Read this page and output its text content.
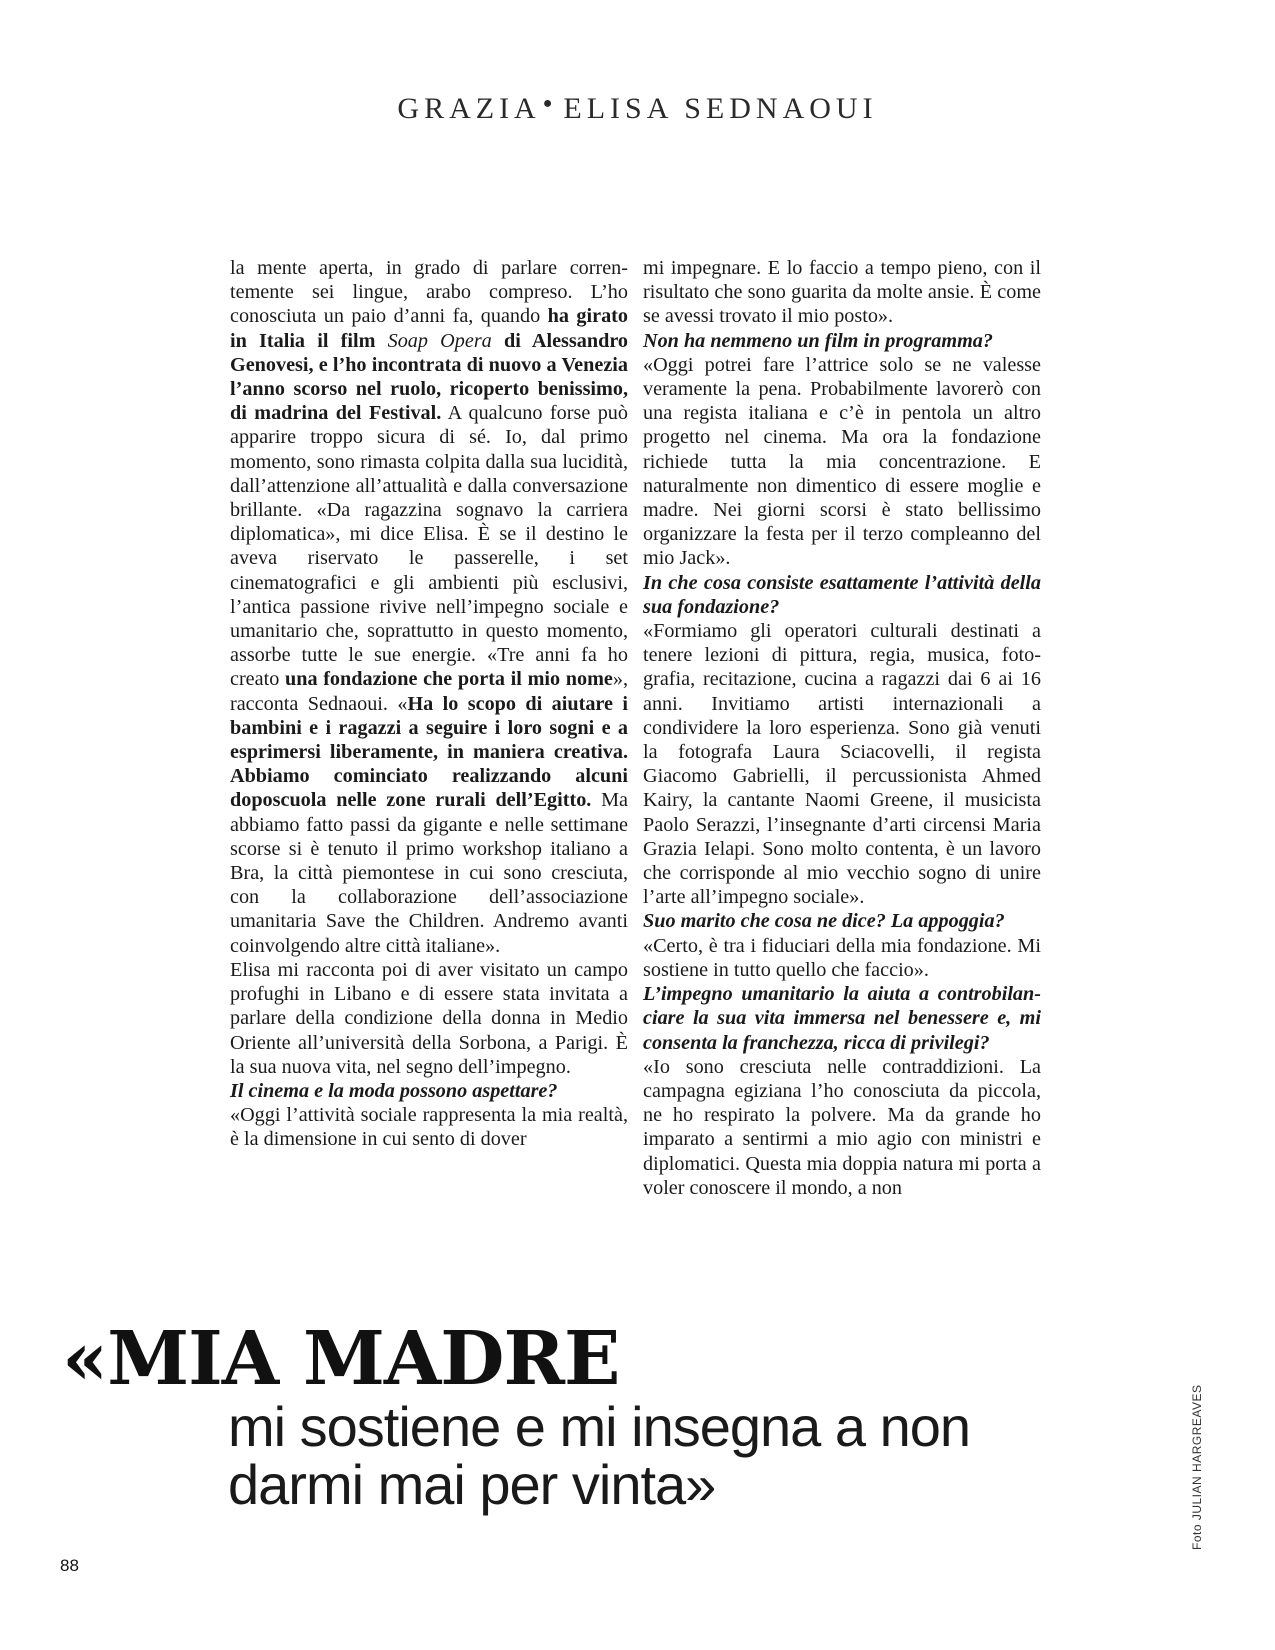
GRAZIA ● ELISA SEDNAOUI

la mente aperta, in grado di parlare correntemente sei lingue, arabo compreso. L’ho conosciuta un paio d’anni fa, quando ha girato in Italia il film Soap Opera di Alessandro Genovesi, e l’ho incontrata di nuovo a Venezia l’anno scorso nel ruolo, ricoperto benissimo, di madrina del Festival. A qualcuno forse può apparire troppo sicura di sé. Io, dal primo momento, sono rimasta colpita dalla sua lucidità, dall’attenzione all’attualità e dalla conversazione brillante. «Da ragazzina sognavo la carriera diplomatica», mi dice Elisa. È se il destino le aveva riservato le passerelle, i set cinematografici e gli ambienti più esclusivi, l’antica passione rivive nell’impegno sociale e umanitario che, soprattutto in questo momento, assorbe tutte le sue energie. «Tre anni fa ho creato una fondazione che porta il mio nome», racconta Sednaoui. «Ha lo scopo di aiutare i bambini e i ragazzi a seguire i loro sogni e a esprimersi liberamente, in maniera creativa. Abbiamo cominciato realizzando alcuni doposcuola nelle zone rurali dell’Egitto. Ma abbiamo fatto passi da gigante e nelle settimane scorse si è tenuto il primo workshop italiano a Bra, la città piemontese in cui sono cresciuta, con la collaborazione dell’associazione umanitaria Save the Children. Andremo avanti coinvolgendo altre città italiane».

Elisa mi racconta poi di aver visitato un campo profughi in Libano e di essere stata invitata a parlare della condizione della donna in Medio Oriente all’università della Sorbona, a Parigi. È la sua nuova vita, nel segno dell’impegno.

Il cinema e la moda possono aspettare?

«Oggi l’attività sociale rappresenta la mia realtà, è la dimensione in cui sento di dover

mi impegnare. E lo faccio a tempo pieno, con il risultato che sono guarita da molte ansie. È come se avessi trovato il mio posto».

Non ha nemmeno un film in programma?

«Oggi potrei fare l’attrice solo se ne valesse veramente la pena. Probabilmente lavorerò con una regista italiana e c’è in pentola un altro progetto nel cinema. Ma ora la fondazione richiede tutta la mia concentrazione. E naturalmente non dimentico di essere moglie e madre. Nei giorni scorsi è stato bellissimo organizzare la festa per il terzo compleanno del mio Jack».

In che cosa consiste esattamente l’attività della sua fondazione?

«Formiamo gli operatori culturali destinati a tenere lezioni di pittura, regia, musica, fotografia, recitazione, cucina a ragazzi dai 6 ai 16 anni. Invitiamo artisti internazionali a condividere la loro esperienza. Sono già venuti la fotografa Laura Sciacovelli, il regista Giacomo Gabrielli, il percussionista Ahmed Kairy, la cantante Naomi Greene, il musicista Paolo Serazzi, l’insegnante d’arti circensi Maria Grazia Ielapi. Sono molto contenta, è un lavoro che corrisponde al mio vecchio sogno di unire l’arte all’impegno sociale».

Suo marito che cosa ne dice? La appoggia?

«Certo, è tra i fiduciari della mia fondazione. Mi sostiene in tutto quello che faccio».

L’impegno umanitario la aiuta a controbilanciare la sua vita immersa nel benessere e, mi consenta la franchezza, ricca di privilegi?

«Io sono cresciuta nelle contraddizioni. La campagna egiziana l’ho conosciuta da piccola, ne ho respirato la polvere. Ma da grande ho imparato a sentirmi a mio agio con ministri e diplomatici. Questa mia doppia natura mi porta a voler conoscere il mondo, a non

«MIA MADRE
mi sostiene e mi insegna a non darmi mai per vinta»	Foto JULIAN HARGREAVES
88
